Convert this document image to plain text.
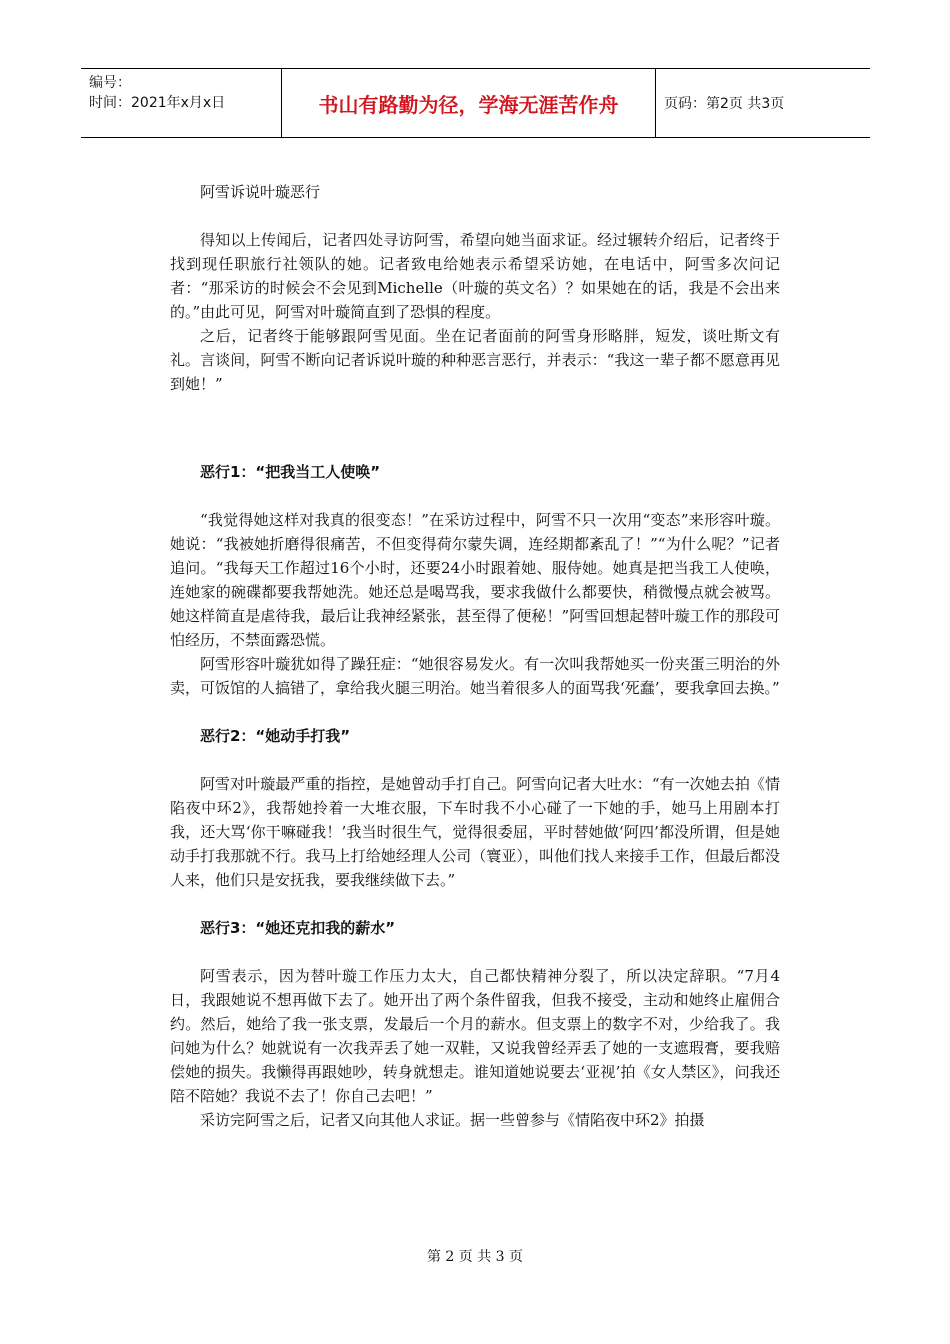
编号：
时间：2021年x月x日	书山有路勤为径，学海无涯苦作舟	页码：第2页 共3页

阿雪诉说叶璇恶行

得知以上传闻后，记者四处寻访阿雪，希望向她当面求证。经过辗转介绍后，记者终于找到现任职旅行社领队的她。记者致电给她表示希望采访她，在电话中，阿雪多次问记者：“那采访的时候会不会见到Michelle（叶璇的英文名）？如果她在的话，我是不会出来的。”由此可见，阿雪对叶璇简直到了恐惧的程度。

之后，记者终于能够跟阿雪见面。坐在记者面前的阿雪身形略胖，短发，谈吐斯文有礼。言谈间，阿雪不断向记者诉说叶璇的种种恶言恶行，并表示：“我这一辈子都不愿意再见到她！”

恶行1：“把我当工人使唤”

“我觉得她这样对我真的很变态！”在采访过程中，阿雪不只一次用“变态”来形容叶璇。她说：“我被她折磨得很痛苦，不但变得荷尔蒙失调，连经期都紊乱了！”“为什么呢？”记者追问。“我每天工作超过16个小时，还要24小时跟着她、服侍她。她真是把当我工人使唤，连她家的碗碟都要我帮她洗。她还总是喝骂我，要求我做什么都要快，稍微慢点就会被骂。她这样简直是虐待我，最后让我神经紧张，甚至得了便秘！”阿雪回想起替叶璇工作的那段可怕经历，不禁面露恐慌。

阿雪形容叶璇犹如得了躁狂症：“她很容易发火。有一次叫我帮她买一份夹蛋三明治的外卖，可饭馆的人搞错了，拿给我火腿三明治。她当着很多人的面骂我‘死蠢’，要我拿回去换。”

恶行2：“她动手打我”

阿雪对叶璇最严重的指控，是她曾动手打自己。阿雪向记者大吐水：“有一次她去拍《情陷夜中环2》，我帮她拎着一大堆衣服，下车时我不小心碰了一下她的手，她马上用剧本打我，还大骂‘你干嘛碰我！’我当时很生气，觉得很委屈，平时替她做‘阿四’都没所谓，但是她动手打我那就不行。我马上打给她经理人公司（寰亚），叫他们找人来接手工作，但最后都没人来，他们只是安抚我，要我继续做下去。”

恶行3：“她还克扣我的薪水”

阿雪表示，因为替叶璇工作压力太大，自己都快精神分裂了，所以决定辞职。“7月4日，我跟她说不想再做下去了。她开出了两个条件留我，但我不接受，主动和她终止雇佣合约。然后，她给了我一张支票，发最后一个月的薪水。但支票上的数字不对，少给我了。我问她为什么？她就说有一次我弄丢了她一双鞋，又说我曾经弄丢了她的一支遮瑕膏，要我赔偿她的损失。我懒得再跟她吵，转身就想走。谁知道她说要去‘亚视’拍《女人禁区》，问我还陪不陪她？我说不去了！你自己去吧！”

采访完阿雪之后，记者又向其他人求证。据一些曾参与《情陷夜中环2》拍摄

第 2 页 共 3 页
